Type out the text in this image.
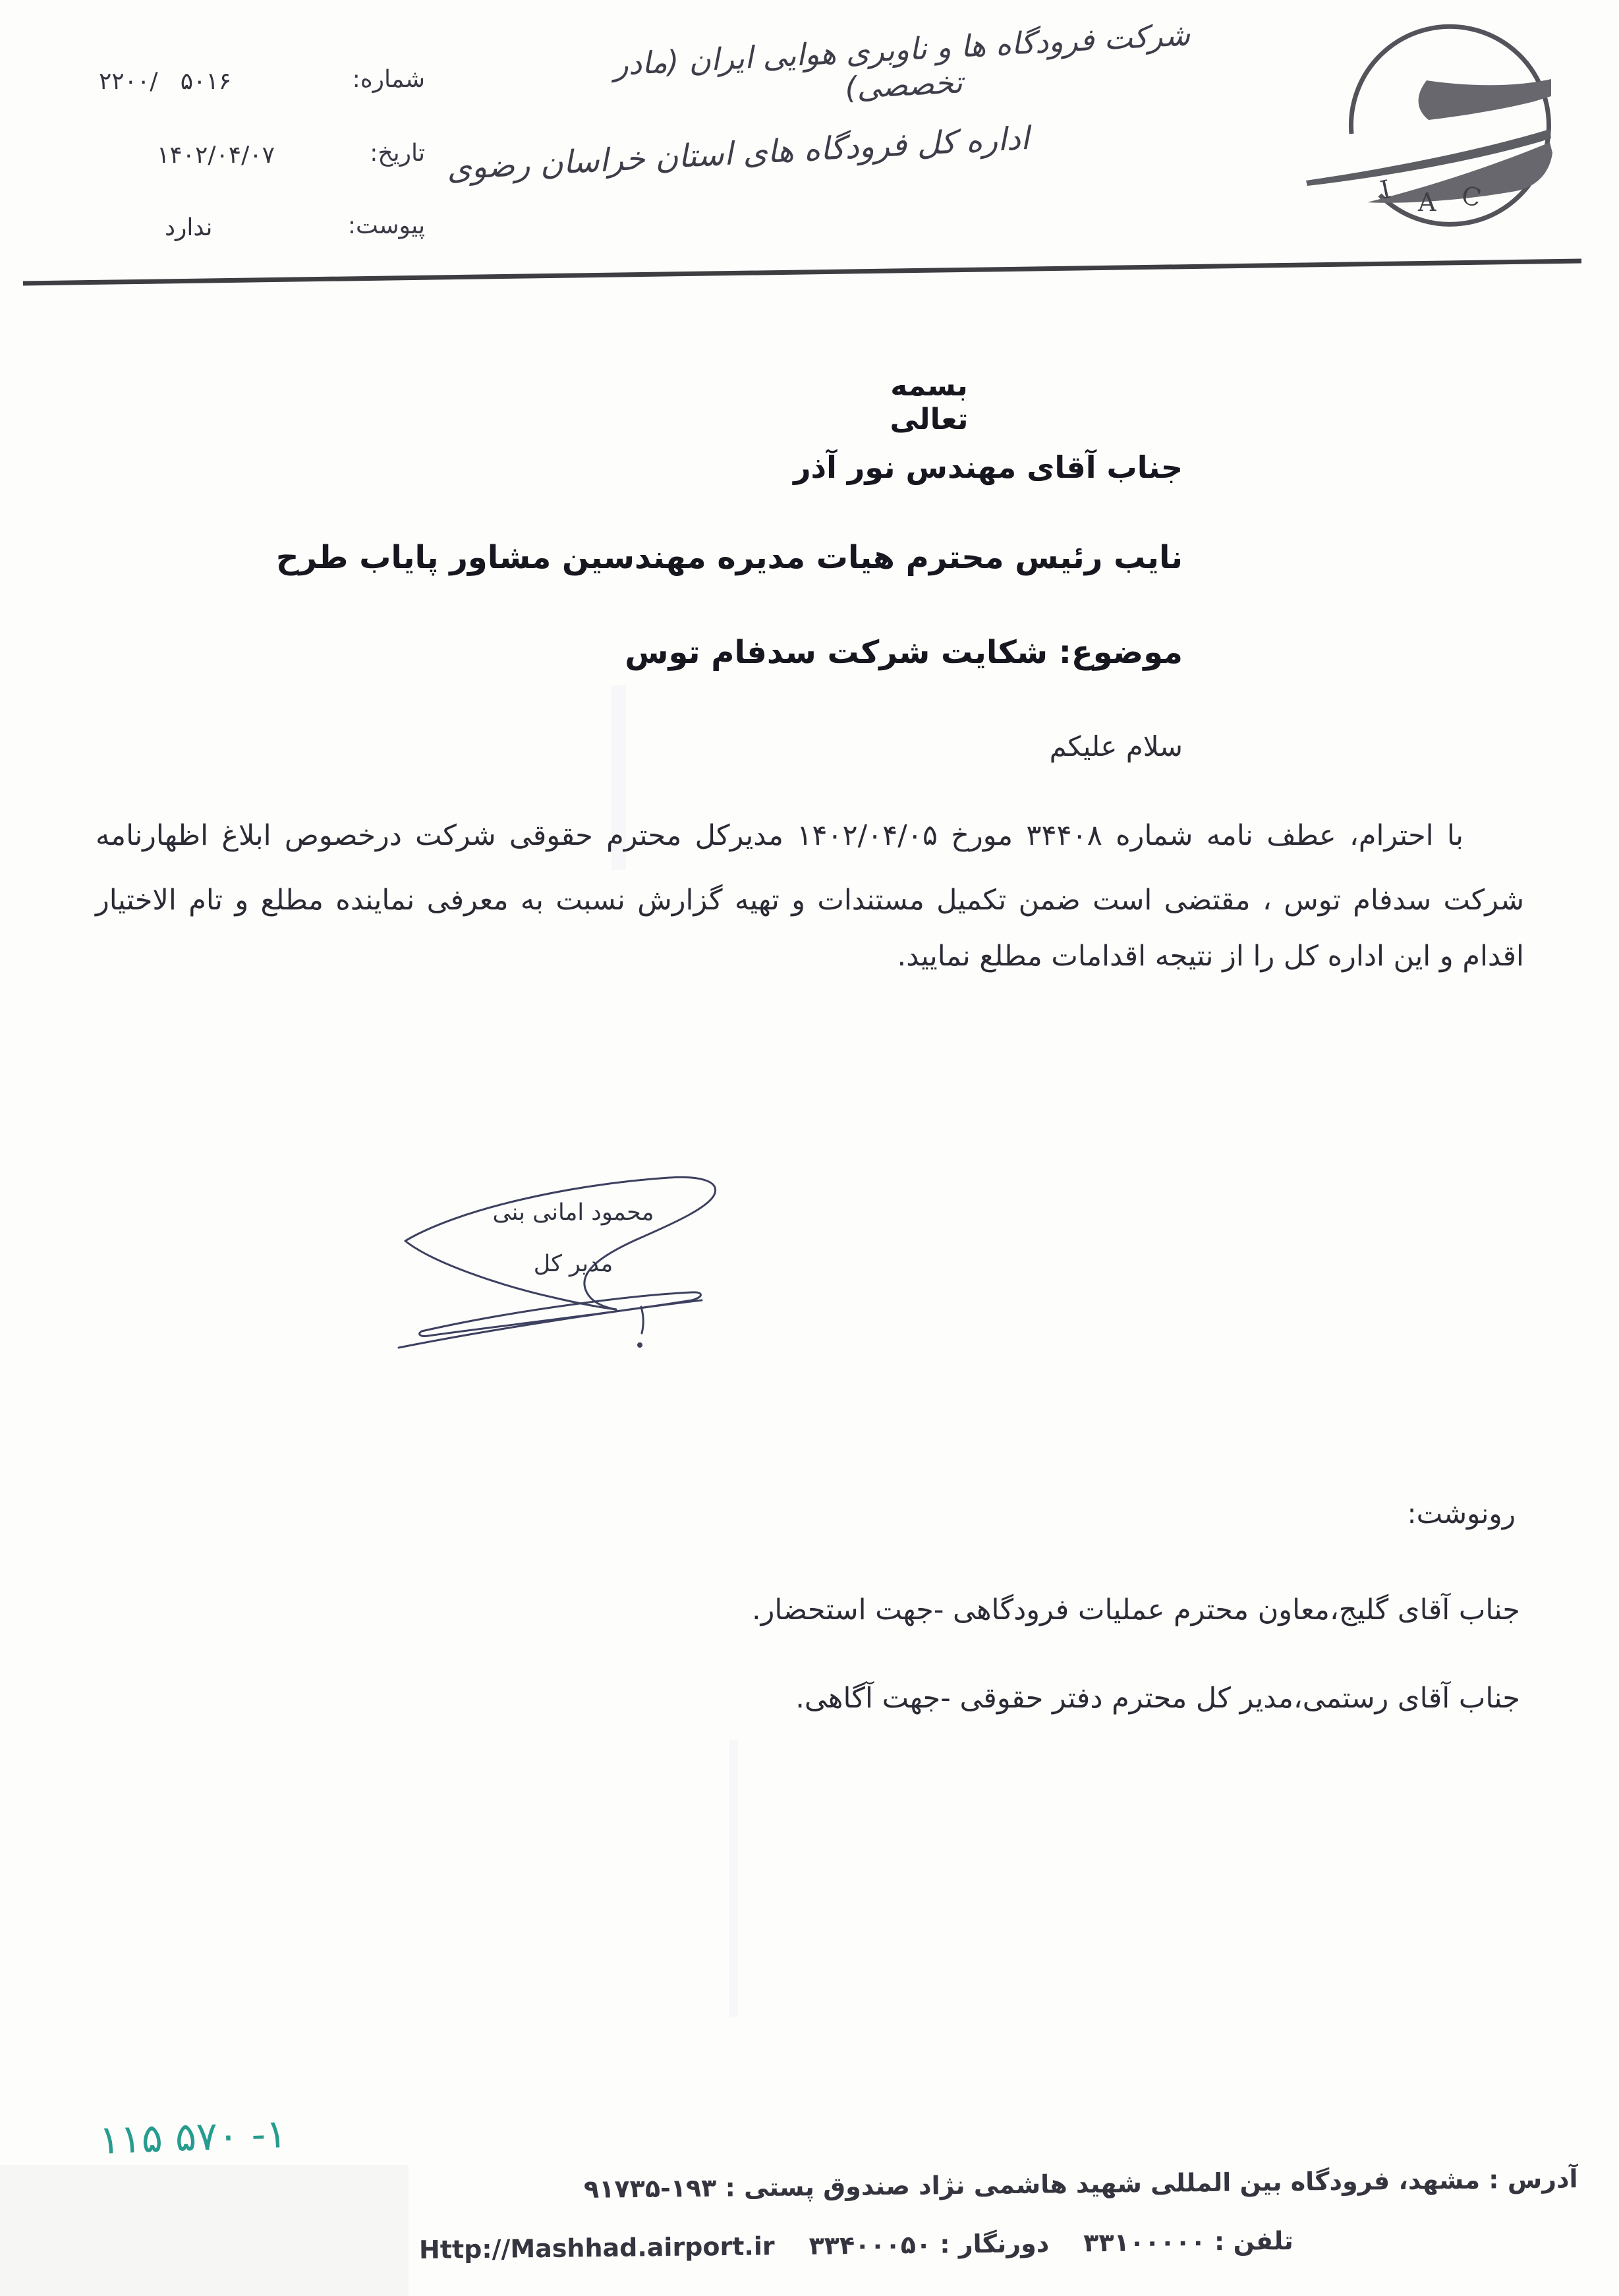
شماره:
۲۲۰۰/   ۵۰۱۶
تاریخ:
۱۴۰۲/۰۴/۰۷
پیوست:
ندارد
شرکت فرودگاه ها و ناوبری هوایی ایران (مادر تخصصی)
اداره کل فرودگاه های استان خراسان رضوی
I A C
بسمه تعالی
جناب آقای مهندس نور آذر
نایب رئیس محترم هیات مدیره مهندسین مشاور پایاب طرح
موضوع: شکایت شرکت سدفام توس
سلام علیکم
با احترام، عطف نامه شماره ۳۴۴۰۸ مورخ ۱۴۰۲/۰۴/۰۵ مدیرکل محترم حقوقی شرکت درخصوص ابلاغ اظهارنامه
شرکت سدفام توس ، مقتضی است ضمن تکمیل مستندات و تهیه گزارش نسبت به معرفی نماینده مطلع و تام الاختیار
اقدام و این اداره کل را از نتیجه اقدامات مطلع نمایید.
محمود امانی بنی
مدیر کل
رونوشت:
جناب آقای گلیج،معاون محترم عملیات فرودگاهی -جهت استحضار.
جناب آقای رستمی،مدیر کل محترم دفتر حقوقی -جهت آگاهی.
۱۱۵ ۵۷۰ -۱
آدرس : مشهد، فرودگاه بین المللی شهید هاشمی نژاد صندوق پستی : ۹۱۷۳۵-۱۹۳
تلفن : ۳۳۱۰۰۰۰۰
دورنگار : ۳۳۴۰۰۰۵۰
Http://Mashhad.airport.ir
